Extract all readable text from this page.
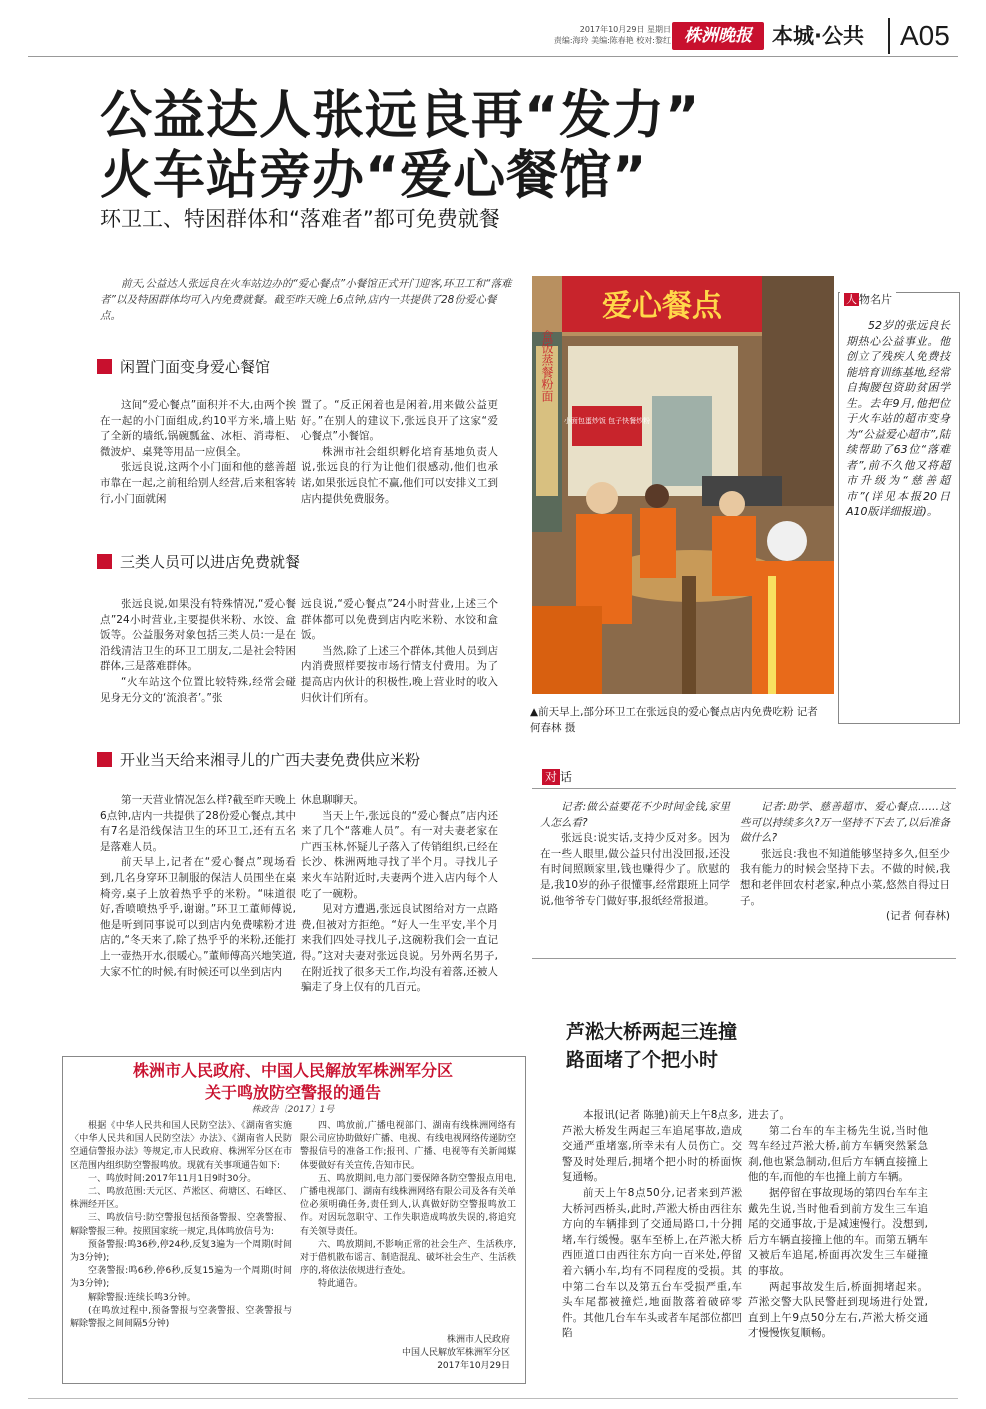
2017年10月29日 星期日
责编:海玲 美编:陈春艳 校对:黎红 株洲晚报 本城·公共 A05
公益达人张远良再“发力”
火车站旁办“爱心餐馆”
环卫工、特困群体和“落难者”都可免费就餐
前天,公益达人张远良在火车站边办的“爱心餐点”小餐馆正式开门迎客,环卫工和“落难者”以及特困群体均可入内免费就餐。截至昨天晚上6点钟,店内一共提供了28份爱心餐点。
闲置门面变身爱心餐馆

这间“爱心餐点”面积并不大,由两个挨在一起的小门面组成,约10平方米,墙上贴了全新的墙纸,锅碗瓢盆、冰柜、消毒柜、微波炉、桌凳等用品一应俱全。

张远良说,这两个小门面和他的慈善超市靠在一起,之前租给别人经营,后来租客转行,小门面就闲

置了。“反正闲着也是闲着,用来做公益更好。”在别人的建议下,张远良开了这家“爱心餐点”小餐馆。

株洲市社会组织孵化培育基地负责人说,张远良的行为让他们很感动,他们也承诺,如果张远良忙不赢,他们可以安排义工到店内提供免费服务。

三类人员可以进店免费就餐

张远良说,如果没有特殊情况,“爱心餐点”24小时营业,主要提供米粉、水饺、盒饭等。公益服务对象包括三类人员:一是在沿线清洁卫生的环卫工朋友,二是社会特困群体,三是落难群体。

“火车站这个位置比较特殊,经常会碰见身无分文的‘流浪者’。”张

远良说,“爱心餐点”24小时营业,上述三个群体都可以免费到店内吃米粉、水饺和盒饭。

当然,除了上述三个群体,其他人员到店内消费照样要按市场行情支付费用。为了提高店内伙计的积极性,晚上营业时的收入归伙计们所有。

开业当天给来湘寻儿的广西夫妻免费供应米粉

第一天营业情况怎么样?截至昨天晚上6点钟,店内一共提供了28份爱心餐点,其中有7名是沿线保洁卫生的环卫工,还有五名是落难人员。

前天早上,记者在“爱心餐点”现场看到,几名身穿环卫制服的保洁人员围坐在桌椅旁,桌子上放着热乎乎的米粉。“味道很好,香喷喷热乎乎,谢谢。”环卫工董师傅说,他是听到同事说可以到店内免费嗦粉才进店的,“冬天来了,除了热乎乎的米粉,还能打上一壶热开水,很暖心。”董师傅高兴地笑道,大家不忙的时候,有时候还可以坐到店内

休息聊聊天。

当天上午,张远良的“爱心餐点”店内还来了几个“落难人员”。有一对夫妻老家在广西玉林,怀疑儿子落入了传销组织,已经在长沙、株洲两地寻找了半个月。寻找儿子来火车站附近时,夫妻两个进入店内每个人吃了一碗粉。

见对方遭遇,张远良试图给对方一点路费,但被对方拒绝。“好人一生平安,半个月来我们四处寻找儿子,这碗粉我们会一直记得。”这对夫妻对张远良说。另外两名男子,在附近找了很多天工作,均没有着落,还被人骗走了身上仅有的几百元。

爱心餐点
盒饭蒸餐粉面
小面包蛋炒饭 包子快餐炒粉
▲前天早上,部分环卫工在张远良的爱心餐点店内免费吃粉 记者 何春林 摄
人 物名片
52岁的张远良长期热心公益事业。他创立了残疾人免费技能培育训练基地,经常自掏腰包资助贫困学生。去年9月,他把位于火车站的超市变身为“公益爱心超市”,陆续帮助了63位“落难者”,前不久他又将超市升级为“慈善超市”(详见本报20日A10版详细报道)。
对 话

记者:做公益要花不少时间金钱,家里人怎么看?

张远良:说实话,支持少反对多。因为在一些人眼里,做公益只付出没回报,还没有时间照顾家里,钱也赚得少了。欣慰的是,我10岁的孙子很懂事,经常跟班上同学说,他爷爷专门做好事,报纸经常报道。

记者:助学、慈善超市、爱心餐点……这些可以持续多久?万一坚持不下去了,以后准备做什么?

张远良:我也不知道能够坚持多久,但至少我有能力的时候会坚持下去。不做的时候,我想和老伴回农村老家,种点小菜,悠然自得过日子。

(记者 何春林)

芦淞大桥两起三连撞
路面堵了个把小时

本报讯(记者 陈驰)前天上午8点多,芦淞大桥发生两起三车追尾事故,造成交通严重堵塞,所幸未有人员伤亡。交警及时处理后,拥堵个把小时的桥面恢复通畅。

前天上午8点50分,记者来到芦淞大桥河西桥头,此时,芦淞大桥由西往东方向的车辆排到了交通局路口,十分拥堵,车行缓慢。驱车至桥上,在芦淞大桥西匝道口由西往东方向一百米处,停留着六辆小车,均有不同程度的受损。其中第二台车以及第五台车受损严重,车头车尾都被撞烂,地面散落着破碎零件。其他几台车车头或者车尾部位都凹陷

进去了。

第二台车的车主杨先生说,当时他驾车经过芦淞大桥,前方车辆突然紧急刹,他也紧急制动,但后方车辆直接撞上他的车,而他的车也撞上前方车辆。

据停留在事故现场的第四台车车主戴先生说,当时他看到前方发生三车追尾的交通事故,于是减速慢行。没想到,后方车辆直接撞上他的车。而第五辆车又被后车追尾,桥面再次发生三车碰撞的事故。

两起事故发生后,桥面拥堵起来。芦淞交警大队民警赶到现场进行处置,直到上午9点50分左右,芦淞大桥交通才慢慢恢复顺畅。

株洲市人民政府、中国人民解放军株洲军分区
关于鸣放防空警报的通告
株政告〔2017〕1号

根据《中华人民共和国人民防空法》、《湖南省实施〈中华人民共和国人民防空法〉办法》、《湖南省人民防空通信警报办法》等规定,市人民政府、株洲军分区在市区范围内组织防空警报鸣放。现就有关事项通告如下:

一、鸣放时间:2017年11月1日9时30分。

二、鸣放范围:天元区、芦淞区、荷塘区、石峰区、株洲经开区。

三、鸣放信号:防空警报包括预备警报、空袭警报、解除警报三种。按照国家统一规定,具体鸣放信号为:

预备警报:鸣36秒,停24秒,反复3遍为一个周期(时间为3分钟);

空袭警报:鸣6秒,停6秒,反复15遍为一个周期(时间为3分钟);

解除警报:连续长鸣3分钟。

(在鸣放过程中,预备警报与空袭警报、空袭警报与解除警报之间间隔5分钟)

四、鸣放前,广播电视部门、湖南有线株洲网络有限公司应协助做好广播、电视、有线电视网络传递防空警报信号的准备工作;报刊、广播、电视等有关新闻媒体要做好有关宣传,告知市民。

五、鸣放期间,电力部门要保障各防空警报点用电,广播电视部门、湖南有线株洲网络有限公司及各有关单位必须明确任务,责任到人,认真做好防空警报鸣放工作。对因玩忽职守、工作失职造成鸣放失误的,将追究有关领导责任。

六、鸣放期间,不影响正常的社会生产、生活秩序,对于借机散布谣言、制造混乱、破坏社会生产、生活秩序的,将依法依规进行查处。

特此通告。

株洲市人民政府
中国人民解放军株洲军分区
2017年10月29日
